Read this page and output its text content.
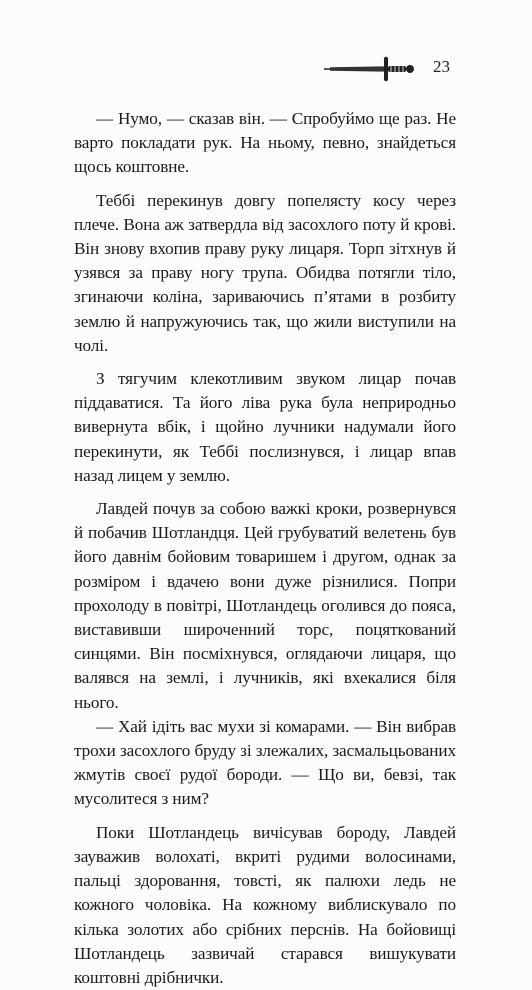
23

— Нумо, — сказав він. — Спробуймо ще раз. Не варто покладати рук. На ньому, певно, знайдеться щось коштовне.

Теббі перекинув довгу попелясту косу через плече. Вона аж затвердла від засохлого поту й крові. Він знову вхопив праву руку лицаря. Торп зітхнув й узявся за праву ногу трупа. Обидва потягли тіло, згинаючи коліна, зариваючись п’ятами в розбиту землю й напружуючись так, що жили виступили на чолі.

З тягучим клекотливим звуком лицар почав піддаватися. Та його ліва рука була неприродньо вивернута вбік, і щойно лучники надумали його перекинути, як Теббі послизнувся, і лицар впав назад лицем у землю.

Лавдей почув за собою важкі кроки, розвернувся й побачив Шотландця. Цей грубуватий велетень був його давнім бойовим товаришем і другом, однак за розміром і вдачею вони дуже різнилися. Попри прохолоду в повітрі, Шотландець оголився до пояса, виставивши широченний торс, поцяткований синцями. Він посміхнувся, оглядаючи лицаря, що валявся на землі, і лучників, які вхекалися біля нього.

— Хай ідіть вас мухи зі комарами. — Він вибрав трохи засохлого бруду зі злежалих, засмальцьованих жмутів своєї рудої бороди. — Що ви, бевзі, так мусолитеся з ним?

Поки Шотландець вичісував бороду, Лавдей зауважив волохаті, вкриті рудими волосинами, пальці здоровання, товсті, як палюхи ледь не кожного чоловіка. На кожному виблискувало по кілька золотих або срібних перснів. На бойовищі Шотландець зазвичай старався вишукувати коштовні дрібнички.
